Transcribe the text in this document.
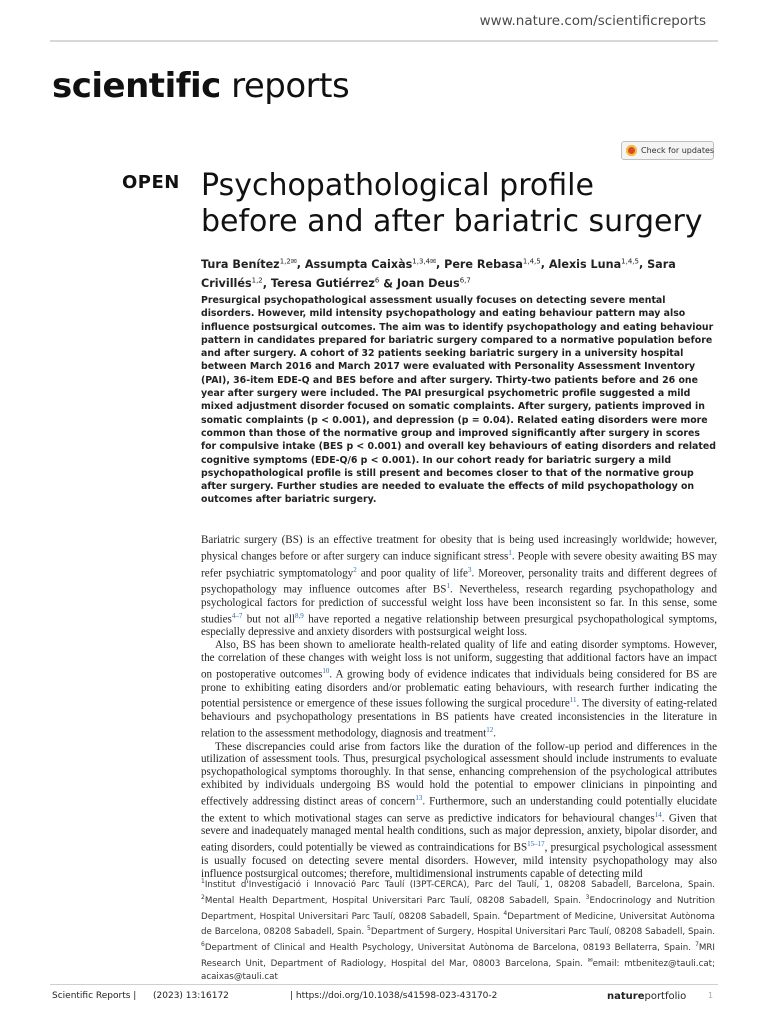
www.nature.com/scientificreports
scientific reports
Check for updates
OPEN Psychopathological profile
before and after bariatric surgery
Tura Benítez$^{1,2✉}$, Assumpta Caixàs$^{1,3,4✉}$, Pere Rebasa$^{1,4,5}$, Alexis Luna$^{1,4,5}$, Sara Crivillés$^{1,2}$, Teresa Gutiérrez$^6$ & Joan Deus$^{6,7}$

Presurgical psychopathological assessment usually focuses on detecting severe mental disorders. However, mild intensity psychopathology and eating behaviour pattern may also influence postsurgical outcomes. The aim was to identify psychopathology and eating behaviour pattern in candidates prepared for bariatric surgery compared to a normative population before and after surgery. A cohort of 32 patients seeking bariatric surgery in a university hospital between March 2016 and March 2017 were evaluated with Personality Assessment Inventory (PAI), 36-item EDE-Q and BES before and after surgery. Thirty-two patients before and 26 one year after surgery were included. The PAI presurgical psychometric profile suggested a mild mixed adjustment disorder focused on somatic complaints. After surgery, patients improved in somatic complaints (p < 0.001), and depression (p = 0.04). Related eating disorders were more common than those of the normative group and improved significantly after surgery in scores for compulsive intake (BES p < 0.001) and overall key behaviours of eating disorders and related cognitive symptoms (EDE-Q/6 p < 0.001). In our cohort ready for bariatric surgery a mild psychopathological profile is still present and becomes closer to that of the normative group after surgery. Further studies are needed to evaluate the effects of mild psychopathology on outcomes after bariatric surgery.

Bariatric surgery (BS) is an effective treatment for obesity that is being used increasingly worldwide; however, physical changes before or after surgery can induce significant stress$^1$. People with severe obesity awaiting BS may refer psychiatric symptomatology$^2$ and poor quality of life$^3$. Moreover, personality traits and different degrees of psychopathology may influence outcomes after $BS^1$. Nevertheless, research regarding psychopathology and psychological factors for prediction of successful weight loss have been inconsistent so far. In this sense, some studies$^{4-7}$ but not all$^{8,9}$ have reported a negative relationship between presurgical psychopathological symptoms, especially depressive and anxiety disorders with postsurgical weight loss.

Also, BS has been shown to ameliorate health-related quality of life and eating disorder symptoms. However, the correlation of these changes with weight loss is not uniform, suggesting that additional factors have an impact on postoperative outcomes$^{10}$. A growing body of evidence indicates that individuals being considered for BS are prone to exhibiting eating disorders and/or problematic eating behaviours, with research further indicating the potential persistence or emergence of these issues following the surgical procedure$^{11}$. The diversity of eating-related behaviours and psychopathology presentations in BS patients have created inconsistencies in the literature in relation to the assessment methodology, diagnosis and treatment$^{12}$.

These discrepancies could arise from factors like the duration of the follow-up period and differences in the utilization of assessment tools. Thus, presurgical psychological assessment should include instruments to evaluate psychopathological symptoms thoroughly. In that sense, enhancing comprehension of the psychological attributes exhibited by individuals undergoing BS would hold the potential to empower clinicians in pinpointing and effectively addressing distinct areas of concern$^{13}$. Furthermore, such an understanding could potentially elucidate the extent to which motivational stages can serve as predictive indicators for behavioural changes$^{14}$. Given that severe and inadequately managed mental health conditions, such as major depression, anxiety, bipolar disorder, and eating disorders, could potentially be viewed as contraindications for BS$^{15-17}$, presurgical psychological assessment is usually focused on detecting severe mental disorders. However, mild intensity psychopathology may also influence postsurgical outcomes; therefore, multidimensional instruments capable of detecting mild

$^1$Institut d'Investigació i Innovació Parc Taulí (I3PT-CERCA), Parc del Taulí, 1, 08208 Sabadell, Barcelona, Spain. $^2$Mental Health Department, Hospital Universitari Parc Taulí, 08208 Sabadell, Spain. $^3$Endocrinology and Nutrition Department, Hospital Universitari Parc Taulí, 08208 Sabadell, Spain. $^4$Department of Medicine, Universitat Autònoma de Barcelona, 08208 Sabadell, Spain. $^5$Department of Surgery, Hospital Universitari Parc Taulí, 08208 Sabadell, Spain. $^6$Department of Clinical and Health Psychology, Universitat Autònoma de Barcelona, 08193 Bellaterra, Spain. $^7$MRI Research Unit, Department of Radiology, Hospital del Mar, 08003 Barcelona, Spain. ✉email: mtbenitez@tauli.cat; acaixas@tauli.cat

Scientific Reports | (2023) 13:16172	| https://doi.org/10.1038/s41598-023-43170-2	natureportfolio	1
